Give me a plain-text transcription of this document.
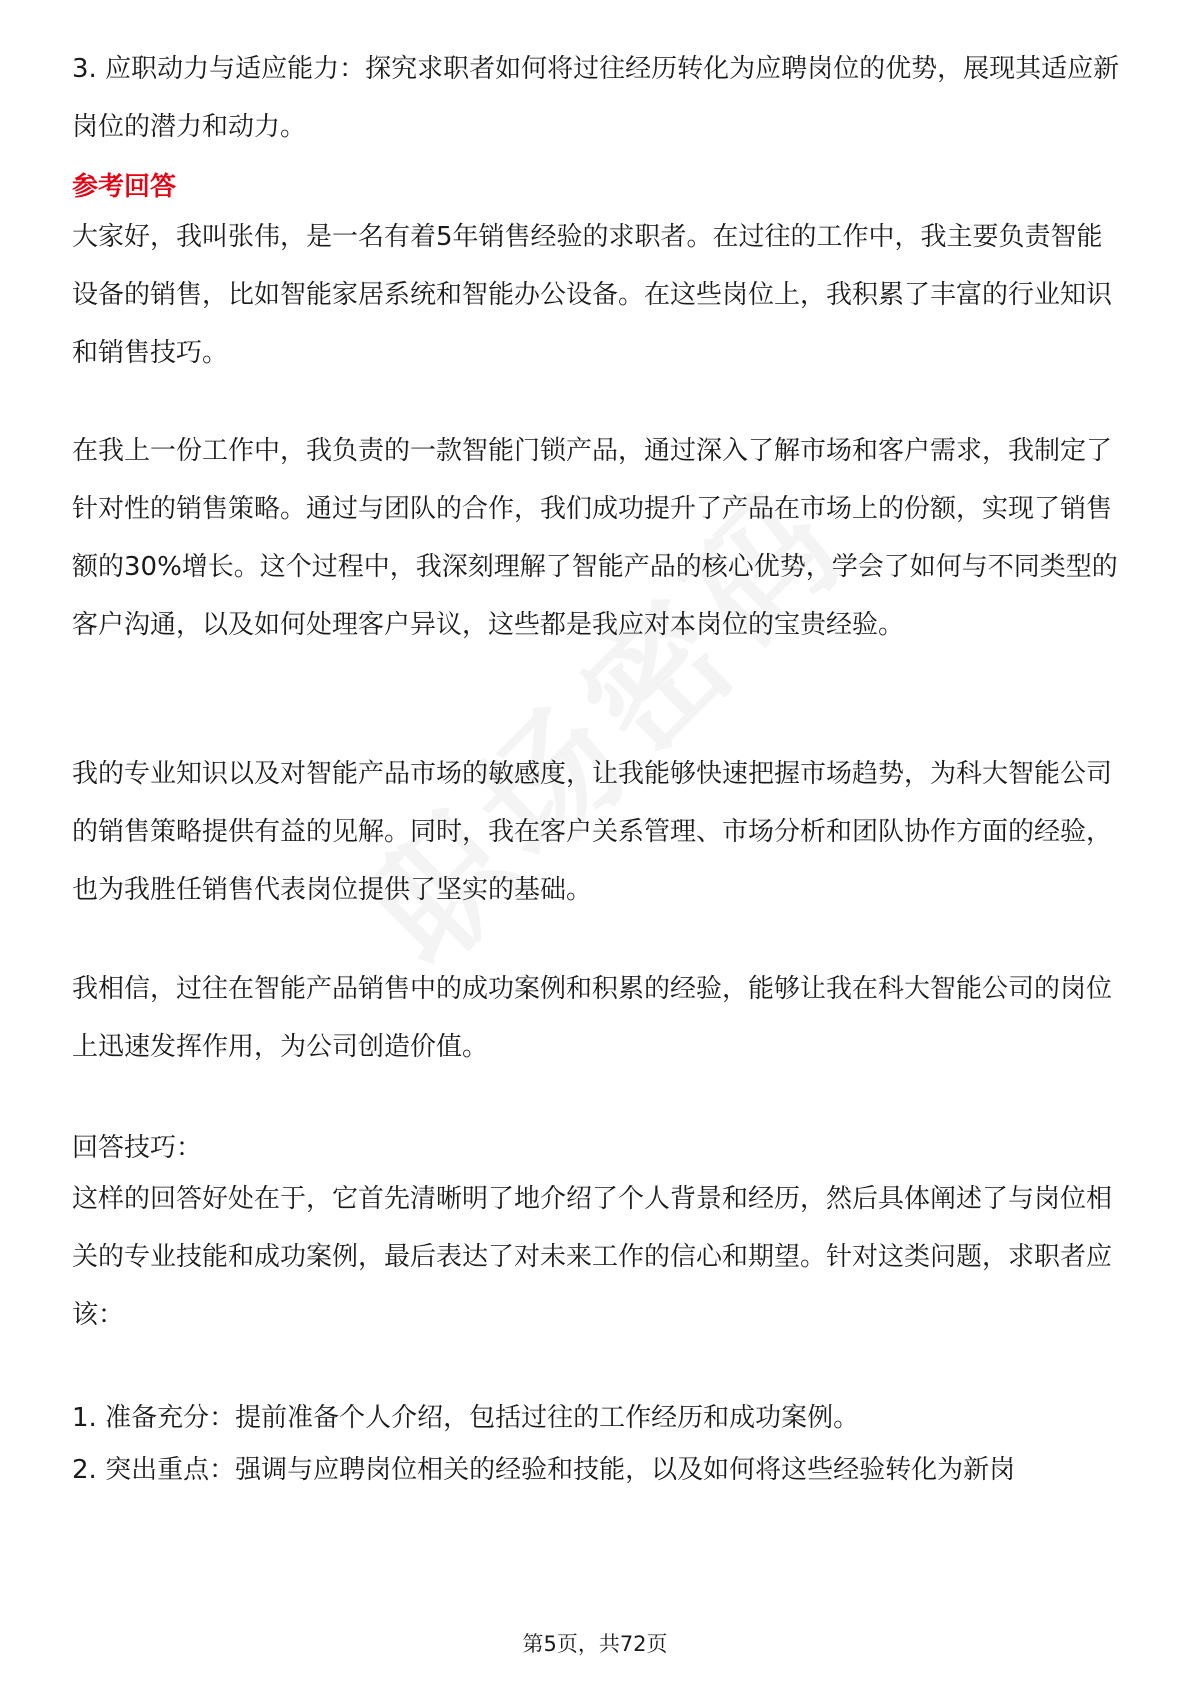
3. 应职动力与适应能力：探究求职者如何将过往经历转化为应聘岗位的优势，展现其适应新岗位的潜力和动力。

参考回答

大家好，我叫张伟，是一名有着5年销售经验的求职者。在过往的工作中，我主要负责智能设备的销售，比如智能家居系统和智能办公设备。在这些岗位上，我积累了丰富的行业知识和销售技巧。

在我上一份工作中，我负责的一款智能门锁产品，通过深入了解市场和客户需求，我制定了针对性的销售策略。通过与团队的合作，我们成功提升了产品在市场上的份额，实现了销售额的30%增长。这个过程中，我深刻理解了智能产品的核心优势，学会了如何与不同类型的客户沟通，以及如何处理客户异议，这些都是我应对本岗位的宝贵经验。

我的专业知识以及对智能产品市场的敏感度，让我能够快速把握市场趋势，为科大智能公司的销售策略提供有益的见解。同时，我在客户关系管理、市场分析和团队协作方面的经验，也为我胜任销售代表岗位提供了坚实的基础。

我相信，过往在智能产品销售中的成功案例和积累的经验，能够让我在科大智能公司的岗位上迅速发挥作用，为公司创造价值。

回答技巧：

这样的回答好处在于，它首先清晰明了地介绍了个人背景和经历，然后具体阐述了与岗位相关的专业技能和成功案例，最后表达了对未来工作的信心和期望。针对这类问题，求职者应该：

1. 准备充分：提前准备个人介绍，包括过往的工作经历和成功案例。

2. 突出重点：强调与应聘岗位相关的经验和技能，以及如何将这些经验转化为新岗

第5页，共72页
